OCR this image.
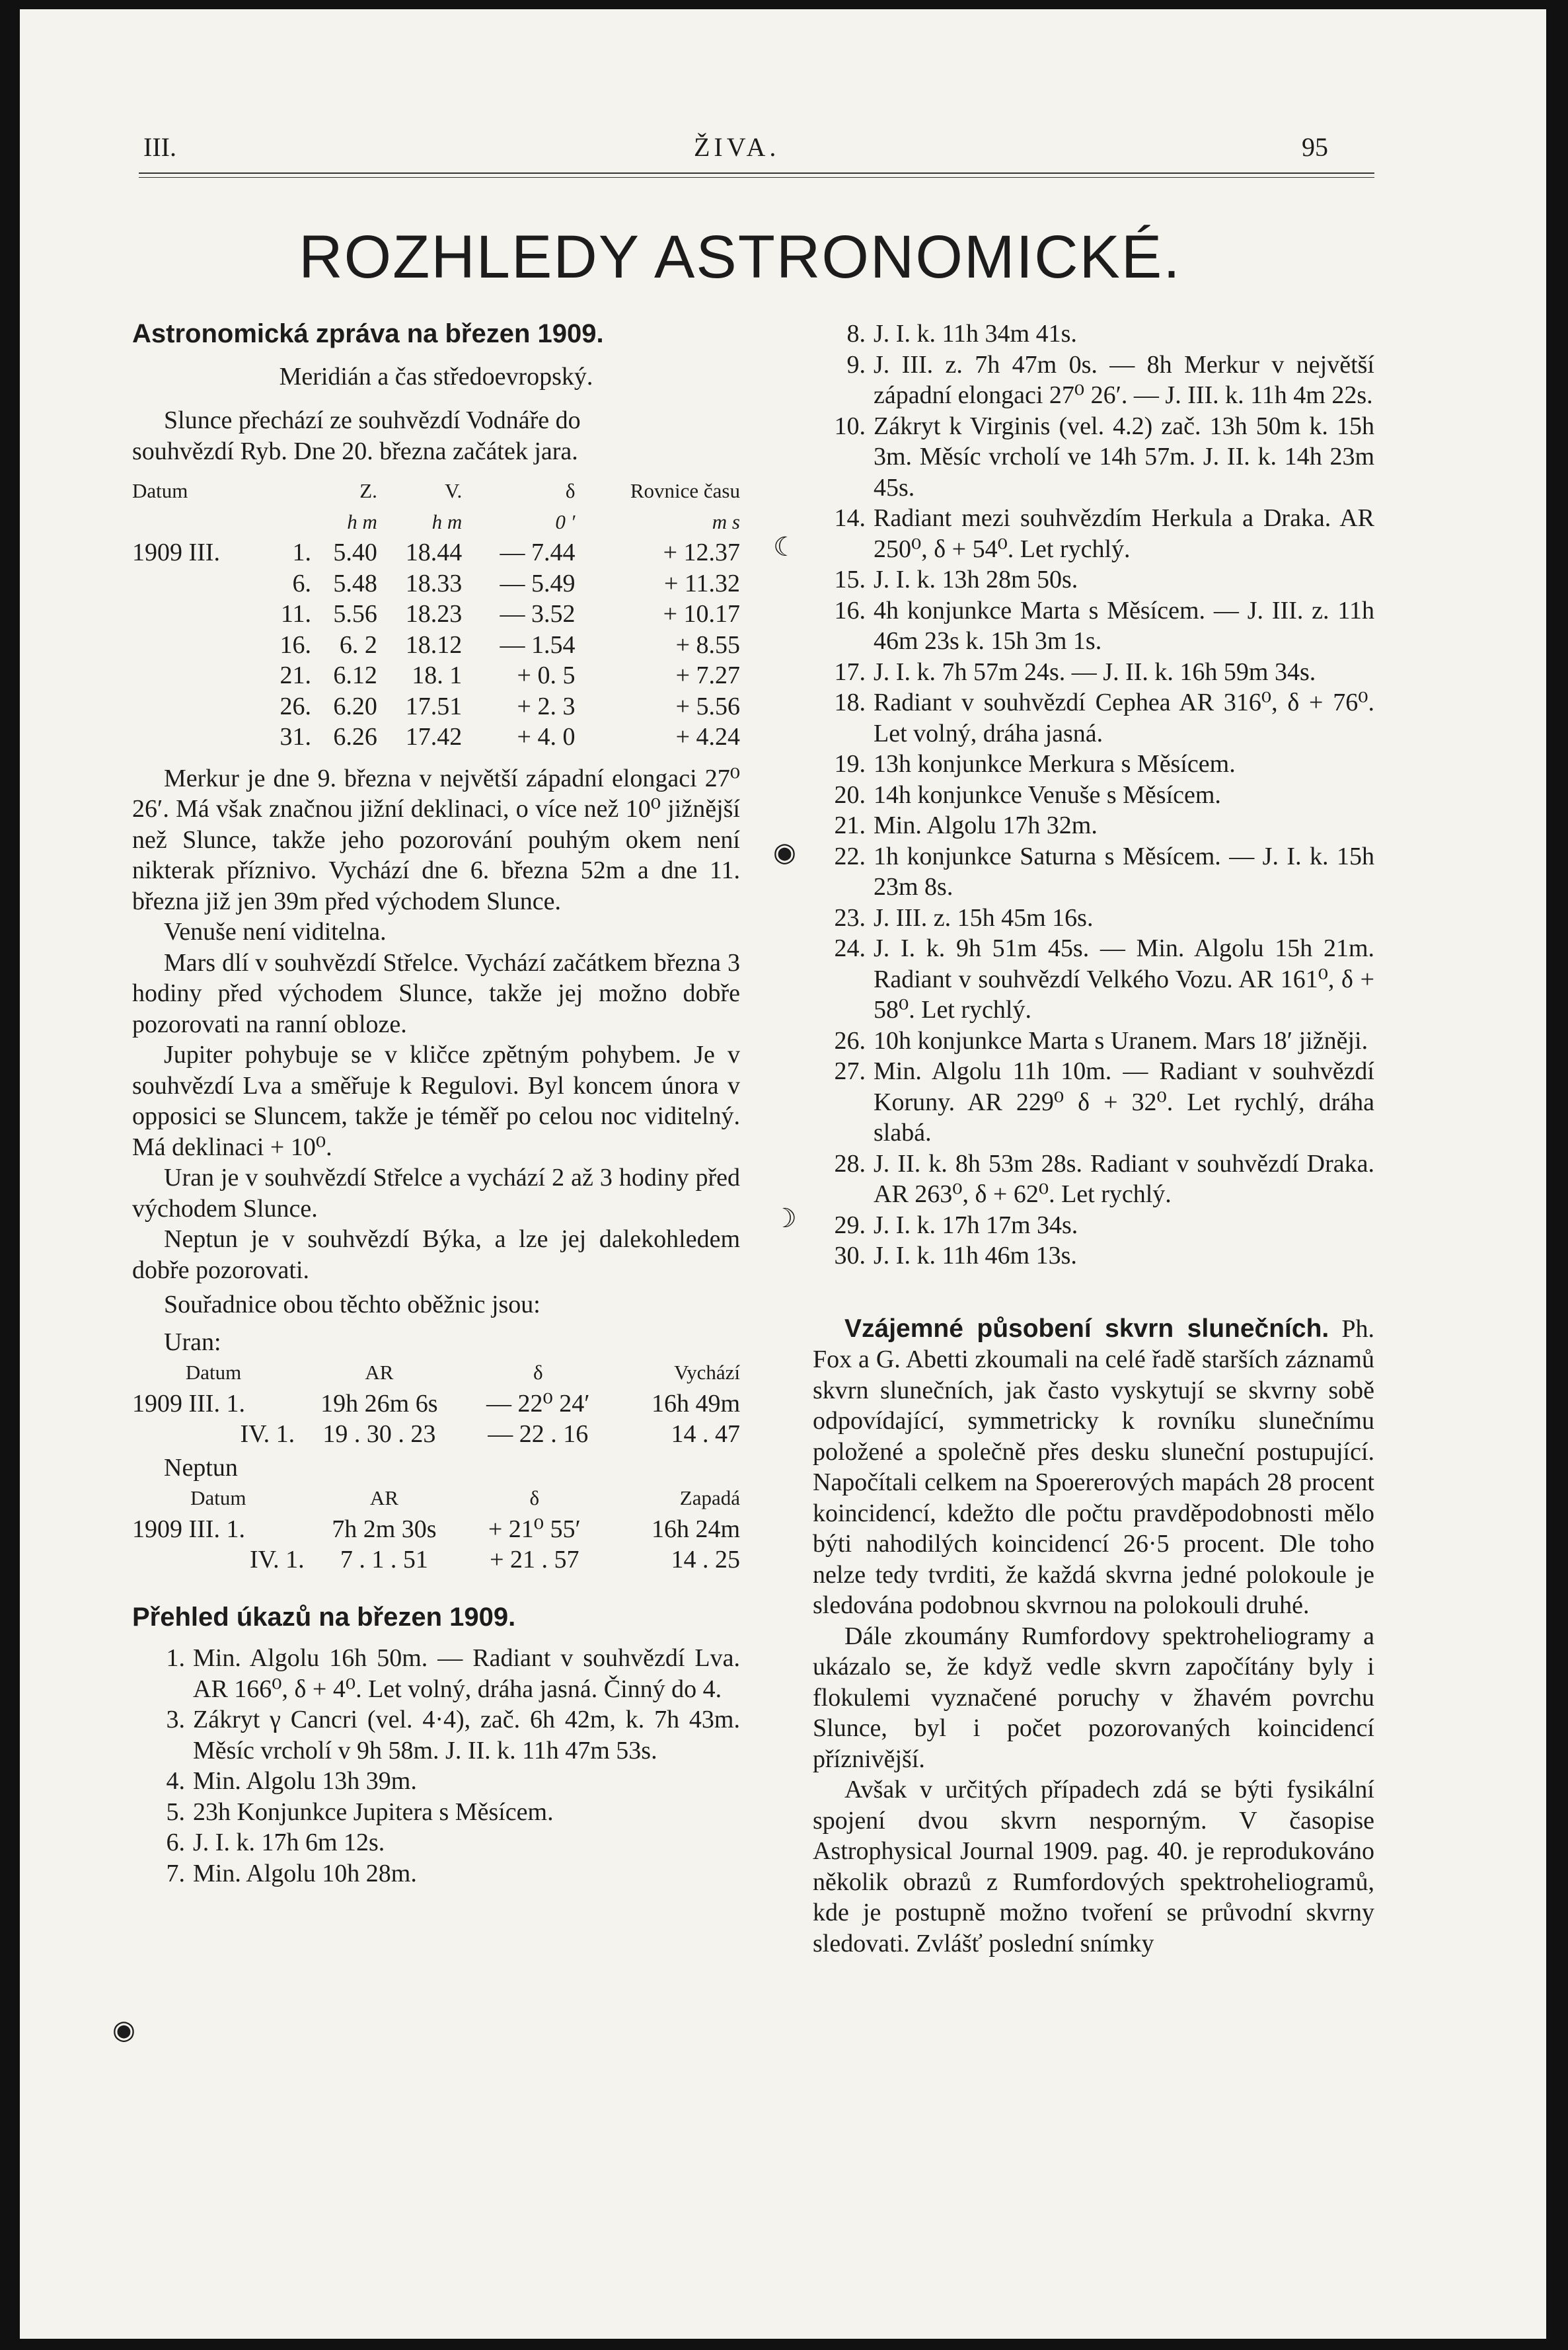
III.	ŽIVA.	95
ROZHLEDY ASTRONOMICKÉ.

Astronomická zpráva na březen 1909.

Meridián a čas středoevropský.

Slunce přechází ze souhvězdí Vodnáře do

souhvězdí Ryb. Dne 20. března začátek jara.

Datum		Z.	V.	δ	Rovnice času
		h m	h m	0 ′	m s
1909 III.	1.	5.40	18.44	— 7.44	+ 12.37
	6.	5.48	18.33	— 5.49	+ 11.32
	11.	5.56	18.23	— 3.52	+ 10.17
	16.	6. 2	18.12	— 1.54	+ 8.55
	21.	6.12	18. 1	+ 0. 5	+ 7.27
	26.	6.20	17.51	+ 2. 3	+ 5.56
	31.	6.26	17.42	+ 4. 0	+ 4.24

Merkur je dne 9. března v největší západní elongaci 27⁰ 26′. Má však značnou jižní deklinaci, o více než 10⁰ jižnější než Slunce, takže jeho pozorování pouhým okem není nikterak příznivo. Vychází dne 6. března 52m a dne 11. března již jen 39m před východem Slunce.

Venuše není viditelna.

Mars dlí v souhvězdí Střelce. Vychází začátkem března 3 hodiny před východem Slunce, takže jej možno dobře pozorovati na ranní obloze.

Jupiter pohybuje se v kličce zpětným pohybem. Je v souhvězdí Lva a směřuje k Regulovi. Byl koncem února v opposici se Sluncem, takže je téměř po celou noc viditelný. Má deklinaci + 10⁰.

Uran je v souhvězdí Střelce a vychází 2 až 3 hodiny před východem Slunce.

Neptun je v souhvězdí Býka, a lze jej dalekohledem dobře pozorovati.

Souřadnice obou těchto oběžnic jsou:

Uran:

Datum	AR	δ	Vychází
1909 III. 1.	19h 26m 6s	— 22⁰ 24′	16h 49m
IV. 1.	19 . 30 . 23	— 22 . 16	14 . 47

Neptun

Datum	AR	δ	Zapadá
1909 III. 1.	7h 2m 30s	+ 21⁰ 55′	16h 24m
IV. 1.	7 . 1 . 51	+ 21 . 57	14 . 25

Přehled úkazů na březen 1909.

1. Min. Algolu 16h 50m. — Radiant v souhvězdí Lva. AR 166⁰, δ + 4⁰. Let volný, dráha jasná. Činný do 4.
3. Zákryt γ Cancri (vel. 4·4), zač. 6h 42m, k. 7h 43m. Měsíc vrcholí v 9h 58m. J. II. k. 11h 47m 53s.
4. Min. Algolu 13h 39m.
5. 23h Konjunkce Jupitera s Měsícem.
6. J. I. k. 17h 6m 12s.
7. Min. Algolu 10h 28m.
8. J. I. k. 11h 34m 41s.
9. J. III. z. 7h 47m 0s. — 8h Merkur v největší západní elongaci 27⁰ 26′. — J. III. k. 11h 4m 22s.
10. Zákryt k Virginis (vel. 4.2) zač. 13h 50m k. 15h 3m. Měsíc vrcholí ve 14h 57m. J. II. k. 14h 23m 45s.
14. Radiant mezi souhvězdím Herkula a Draka. AR 250⁰, δ + 54⁰. Let rychlý.
15. J. I. k. 13h 28m 50s.
16. 4h konjunkce Marta s Měsícem. — J. III. z. 11h 46m 23s k. 15h 3m 1s.
17. J. I. k. 7h 57m 24s. — J. II. k. 16h 59m 34s.
18. Radiant v souhvězdí Cephea AR 316⁰, δ + 76⁰. Let volný, dráha jasná.
19. 13h konjunkce Merkura s Měsícem.
20. 14h konjunkce Venuše s Měsícem.
21. Min. Algolu 17h 32m.
22. 1h konjunkce Saturna s Měsícem. — J. I. k. 15h 23m 8s.
23. J. III. z. 15h 45m 16s.
24. J. I. k. 9h 51m 45s. — Min. Algolu 15h 21m. Radiant v souhvězdí Velkého Vozu. AR 161⁰, δ + 58⁰. Let rychlý.
26. 10h konjunkce Marta s Uranem. Mars 18′ jižněji.
27. Min. Algolu 11h 10m. — Radiant v souhvězdí Koruny. AR 229⁰ δ + 32⁰. Let rychlý, dráha slabá.
28. J. II. k. 8h 53m 28s. Radiant v souhvězdí Draka. AR 263⁰, δ + 62⁰. Let rychlý.
29. J. I. k. 17h 17m 34s.
30. J. I. k. 11h 46m 13s.

Vzájemné působení skvrn slunečních. Ph. Fox a G. Abetti zkoumali na celé řadě starších záznamů skvrn slunečních, jak často vyskytují se skvrny sobě odpovídající, symmetricky k rovníku slunečnímu položené a společně přes desku sluneční postupující. Napočítali celkem na Spoererových mapách 28 procent koincidencí, kdežto dle počtu pravděpodobnosti mělo býti nahodilých koincidencí 26·5 procent. Dle toho nelze tedy tvrditi, že každá skvrna jedné polokoule je sledována podobnou skvrnou na polokouli druhé.

Dále zkoumány Rumfordovy spektroheliogramy a ukázalo se, že když vedle skvrn započítány byly i flokulemi vyznačené poruchy v žhavém povrchu Slunce, byl i počet pozorovaných koincidencí příznivější.

Avšak v určitých případech zdá se býti fysikální spojení dvou skvrn nesporným. V časopise Astrophysical Journal 1909. pag. 40. je reprodukováno několik obrazů z Rumfordových spektroheliogramů, kde je postupně možno tvoření se průvodní skvrny sledovati. Zvlášť poslední snímky

☾
◉
◉
☽
